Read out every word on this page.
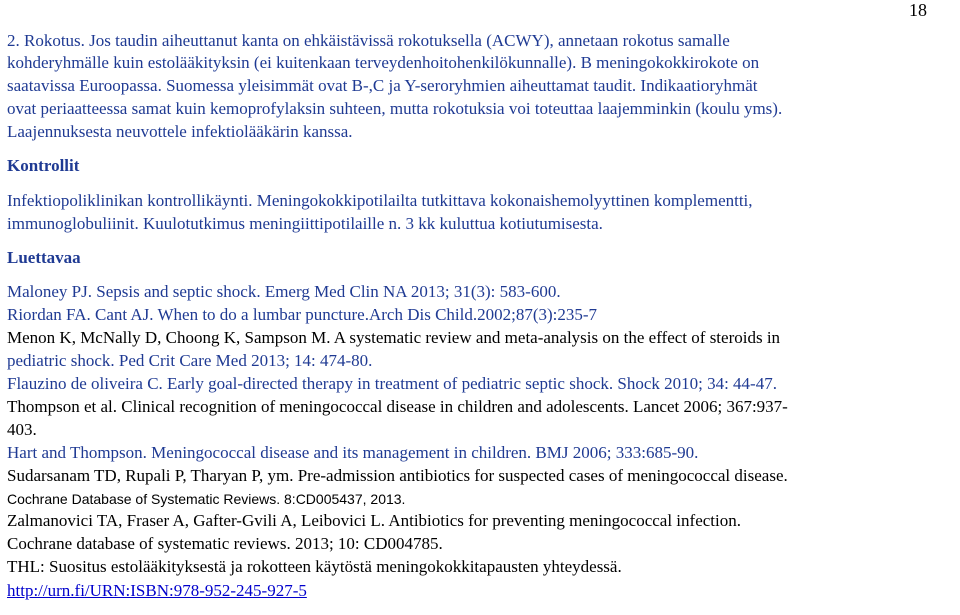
18
2. Rokotus. Jos taudin aiheuttanut kanta on ehkäistävissä rokotuksella (ACWY), annetaan rokotus samalle
kohderyhmälle kuin estolääkityksin (ei kuitenkaan terveydenhoitohenkilökunnalle). B meningokokkirokote on
saatavissa Euroopassa. Suomessa yleisimmät ovat B-,C ja Y-seroryhmien aiheuttamat taudit. Indikaatioryhmät
ovat periaatteessa samat kuin kemoprofylaksin suhteen, mutta rokotuksia voi toteuttaa laajemminkin (koulu yms).
Laajennuksesta neuvottele infektiolääkärin kanssa.
Kontrollit
Infektiopoliklinikan kontrollikäynti. Meningokokkipotilailta tutkittava kokonaishemolyyttinen komplementti,
immunoglobuliinit. Kuulotutkimus meningiittipotilaille n. 3 kk kuluttua kotiutumisesta.
Luettavaa
Maloney PJ. Sepsis and septic shock. Emerg Med Clin NA 2013; 31(3): 583-600.
Riordan FA. Cant AJ. When to do a lumbar puncture.Arch Dis Child.2002;87(3):235-7
Menon K, McNally D, Choong K, Sampson M. A systematic review and meta-analysis on the effect of steroids in
pediatric shock. Ped Crit Care Med 2013; 14: 474-80.
Flauzino de oliveira C. Early goal-directed therapy in treatment of pediatric septic shock. Shock 2010; 34: 44-47.
Thompson et al. Clinical recognition of meningococcal disease in children and adolescents. Lancet 2006; 367:937-
403.
Hart and Thompson. Meningococcal disease and its management in children. BMJ 2006; 333:685-90.
Sudarsanam TD, Rupali P, Tharyan P, ym. Pre-admission antibiotics for suspected cases of meningococcal disease.
Cochrane Database of Systematic Reviews. 8:CD005437, 2013.
Zalmanovici TA, Fraser A, Gafter-Gvili A, Leibovici L. Antibiotics for preventing meningococcal infection.
Cochrane database of systematic reviews. 2013; 10: CD004785.
THL: Suositus estolääkityksestä ja rokotteen käytöstä meningokokkitapausten yhteydessä.
http://urn.fi/URN:ISBN:978-952-245-927-5
